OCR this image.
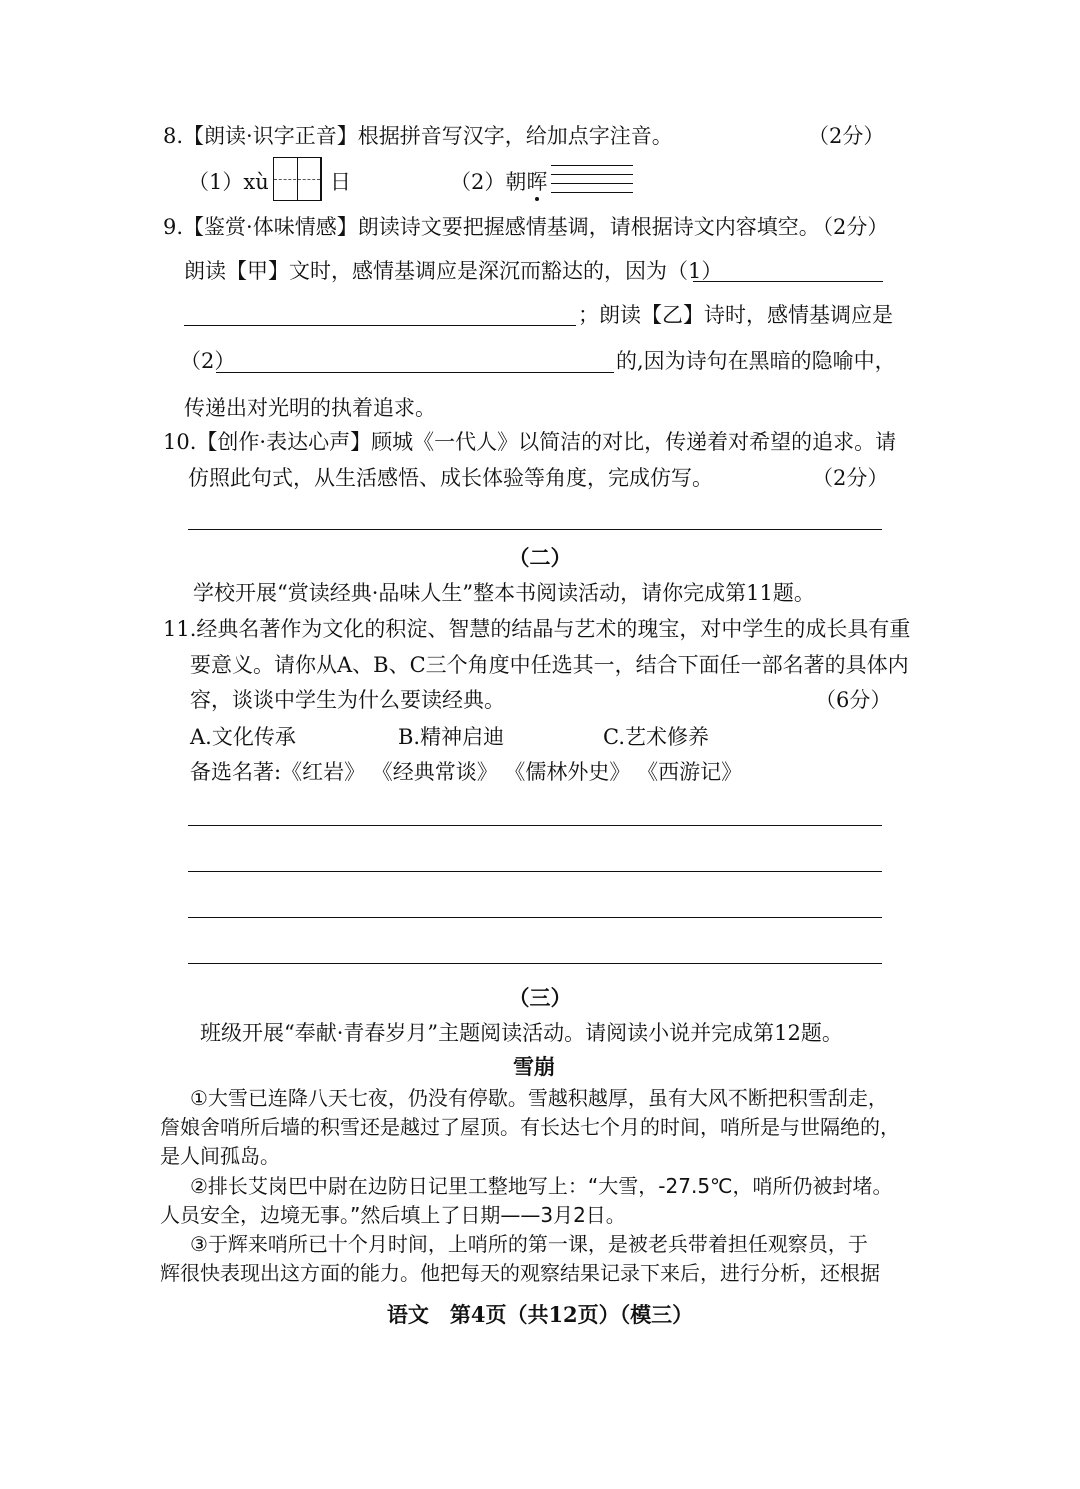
8.【朗读·识字正音】根据拼音写汉字，给加点字注音。	（2分）
（1）xù	日	（2）朝晖
9.【鉴赏·体味情感】朗读诗文要把握感情基调，请根据诗文内容填空。
（2分）
朗读【甲】文时，感情基调应是深沉而豁达的，因为（1）
；朗读【乙】诗时，感情基调应是
（2）	的,因为诗句在黑暗的隐喻中，
传递出对光明的执着追求。
10.【创作·表达心声】顾城《一代人》以简洁的对比，传递着对希望的追求。请
仿照此句式，从生活感悟、成长体验等角度，完成仿写。	（2分）
（二）
学校开展“赏读经典·品味人生”整本书阅读活动，请你完成第11题。
11.经典名著作为文化的积淀、智慧的结晶与艺术的瑰宝，对中学生的成长具有重
要意义。请你从A、B、C三个角度中任选其一，结合下面任一部名著的具体内
容，谈谈中学生为什么要读经典。	（6分）
A.文化传承	B.精神启迪	C.艺术修养
备选名著:《红岩》 《经典常谈》 《儒林外史》 《西游记》
（三）
班级开展“奉献·青春岁月”主题阅读活动。请阅读小说并完成第12题。
雪崩
①大雪已连降八天七夜，仍没有停歇。雪越积越厚，虽有大风不断把积雪刮走，
詹娘舍哨所后墙的积雪还是越过了屋顶。有长达七个月的时间，哨所是与世隔绝的，
是人间孤岛。
②排长艾岗巴中尉在边防日记里工整地写上：“大雪，-27.5℃，哨所仍被封堵。
人员安全，边境无事。”然后填上了日期——3月2日。
③于辉来哨所已十个月时间，上哨所的第一课，是被老兵带着担任观察员，于
辉很快表现出这方面的能力。他把每天的观察结果记录下来后，进行分析，还根据
语文　第4页（共12页）（模三）
